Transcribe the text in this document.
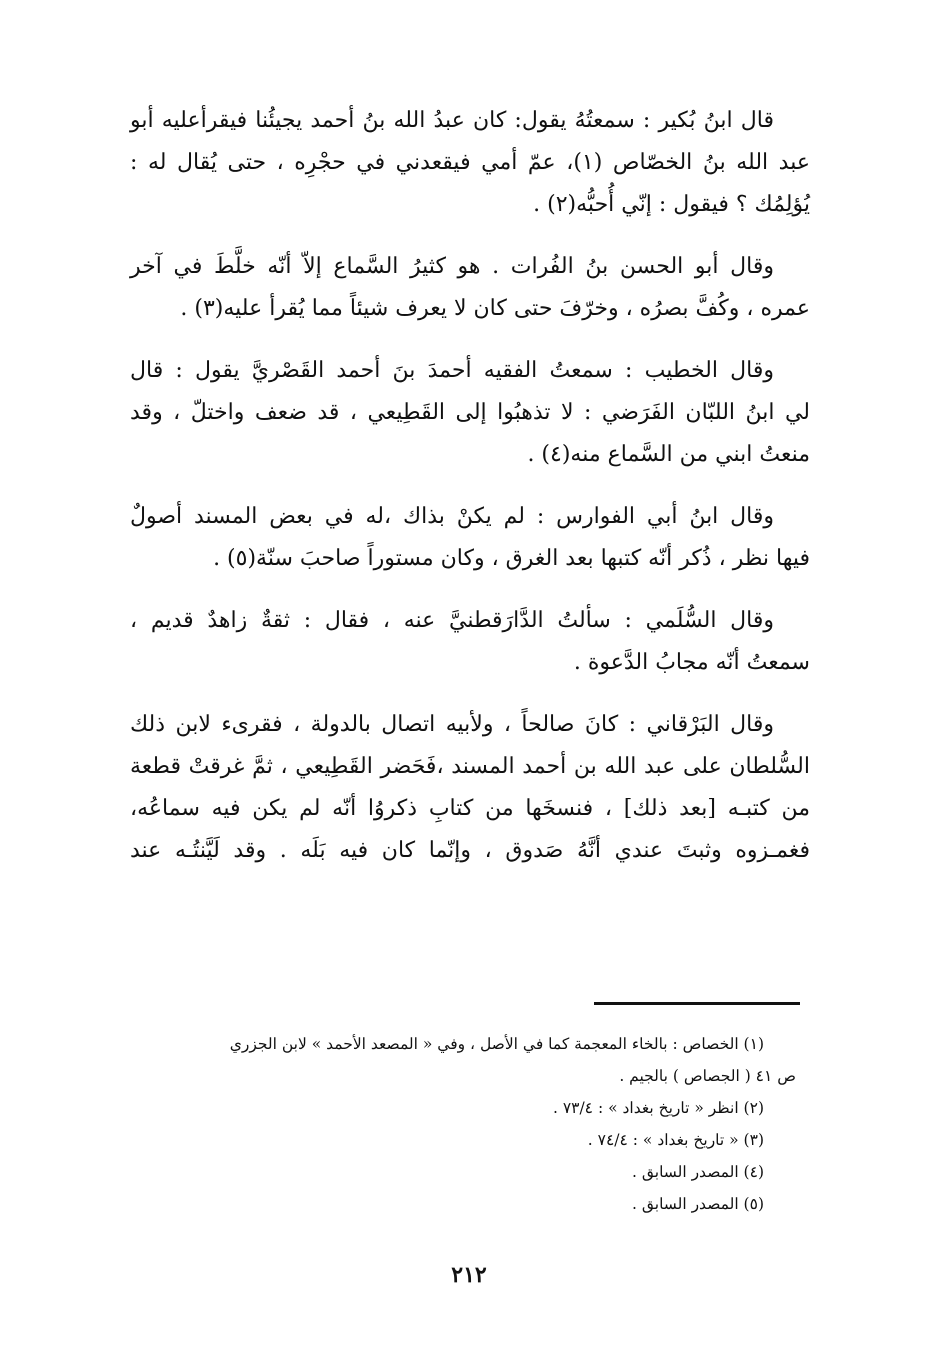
قال ابنُ بُكير : سمعتُهُ يقول: كان عبدُ الله بنُ أحمد يجيئُنا فيقرأعليه أبو
عبد الله بنُ الخصّاص (١)، عمّ أمي فيقعدني في حجْرِه ، حتى يُقال له :
يُؤلِمُك ؟ فيقول : إنّي أُحبُّه(٢) .

وقال أبو الحسن بنُ الفُرات . هو كثيرُ السَّماع إلاّ أنّه خلَّطَ في آخر
عمره ، وكُفَّ بصرُه ، وخرّفَ حتى كان لا يعرف شيئاً مما يُقرأ عليه(٣) .

وقال الخطيب : سمعتُ الفقيه أحمدَ بنَ أحمد القَصْريَّ يقول : قال
لي ابنُ اللبّان الفَرَضي : لا تذهبُوا إلى القَطِيعي ، قد ضعف واختلّ ، وقد
منعتُ ابني من السَّماع منه(٤) .

وقال ابنُ أبي الفوارس : لم يكنْ بذاك ،له في بعض المسند أصولٌ
فيها نظر ، ذُكر أنّه كتبها بعد الغرق ، وكان مستوراً صاحبَ سنّة(٥) .

وقال السُّلَمي : سألتُ الدَّارَقطنيَّ عنه ، فقال : ثقةٌ زاهدٌ قديم ،
سمعتُ أنّه مجابُ الدَّعوة .

وقال البَرْقاني : كانَ صالحاً ، ولأبيه اتصال بالدولة ، فقرىء لابن ذلك
السُّلطان على عبد الله بن أحمد المسند ،فَحَضر القَطِيعي ، ثمَّ غرقتْ قطعة
من كتبـه [بعد ذلك] ، فنسخَها من كتابِ ذكروُا أنّه لم يكن فيه سماعُه،
فغمـزوه وثبتَ عندي أنَّهُ صَدوق ، وإنّما كان فيه بَلَه . وقد لَيَّنتُـه عند

(١) الخصاص : بالخاء المعجمة كما في الأصل ، وفي « المصعد الأحمد » لابن الجزري
ص ٤١ ( الجصاص ) بالجيم .
(٢) انظر « تاريخ بغداد » : ٧٣/٤ .
(٣) « تاريخ بغداد » : ٧٤/٤ .
(٤) المصدر السابق .
(٥) المصدر السابق .
٢١٢
